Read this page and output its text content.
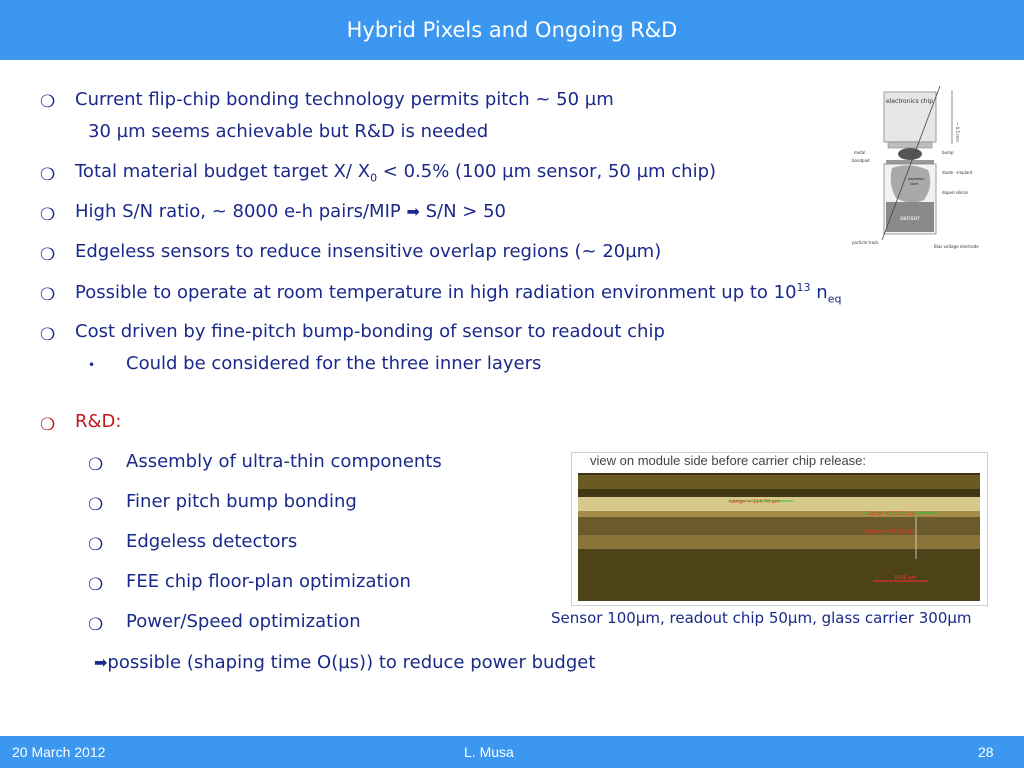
Hybrid Pixels and Ongoing R&D
❍ Current flip-chip bonding technology permits pitch ~ 50 µm
30 µm seems achievable but R&D is needed
❍ Total material budget target X/ $X_0 < 0.5\%$ (100 µm sensor, 50 µm chip)
❍ High S/N ratio, ~ 8000 e-h pairs/MIP ➡ S/N > 50
❍ Edgeless sensors to reduce insensitive overlap regions (~ 20µm)
❍ Possible to operate at room temperature in high radiation environment up to $10^{13}$ $n_{eq}$
❍ Cost driven by fine-pitch bump-bonding of sensor to readout chip
• Could be considered for the three inner layers
❍ R&D:
❍ Assembly of ultra-thin components
❍ Finer pitch bump bonding
❍ Edgeless detectors
❍ FEE chip floor-plan optimization
❍ Power/Speed optimization
➡possible (shaping time O(µs)) to reduce power budget
electronics chip
sensor
~ 0.5 mm
metal	bump
bondpad
diode --implant
depletion
zone
doped silicon
particle track
Bias voltage electrode
view on module side before carrier chip release:
Länge = 114,70 µm
Länge = 53,53 µm
Länge = 300,00 µm
1000 µm
Sensor 100µm, readout chip 50µm, glass carrier 300µm
20 March 2012	L. Musa	28
